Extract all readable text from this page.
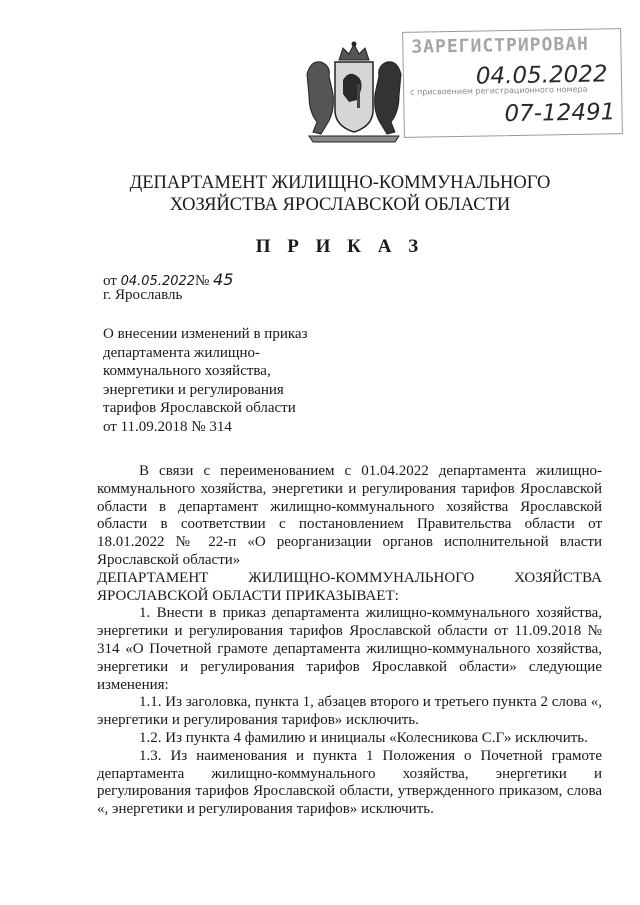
ЗАРЕГИСТРИРОВАН
04.05.2022
с присвоением регистрационного номера
07-12491
ДЕПАРТАМЕНТ ЖИЛИЩНО-КОММУНАЛЬНОГО
ХОЗЯЙСТВА ЯРОСЛАВСКОЙ ОБЛАСТИ
П Р И К А З
от 04.05.2022№ 45
г. Ярославль
О внесении изменений в приказ
департамента жилищно-
коммунального хозяйства,
энергетики и регулирования
тарифов Ярославской области
от 11.09.2018 № 314

В связи с переименованием с 01.04.2022 департамента жилищно-коммунального хозяйства, энергетики и регулирования тарифов Ярославской области в департамент жилищно-коммунального хозяйства Ярославской области в соответствии с постановлением Правительства области от 18.01.2022 № 22-п «О реорганизации органов исполнительной власти Ярославской области»

ДЕПАРТАМЕНТ ЖИЛИЩНО-КОММУНАЛЬНОГО ХОЗЯЙСТВА

ЯРОСЛАВСКОЙ ОБЛАСТИ ПРИКАЗЫВАЕТ:

1. Внести в приказ департамента жилищно-коммунального хозяйства, энергетики и регулирования тарифов Ярославской области от 11.09.2018 № 314 «О Почетной грамоте департамента жилищно-коммунального хозяйства, энергетики и регулирования тарифов Ярославкой области» следующие изменения:

1.1. Из заголовка, пункта 1, абзацев второго и третьего пункта 2 слова «, энергетики и регулирования тарифов» исключить.

1.2. Из пункта 4 фамилию и инициалы «Колесникова С.Г» исключить.

1.3. Из наименования и пункта 1 Положения о Почетной грамоте департамента жилищно-коммунального хозяйства, энергетики и регулирования тарифов Ярославской области, утвержденного приказом, слова «, энергетики и регулирования тарифов» исключить.
